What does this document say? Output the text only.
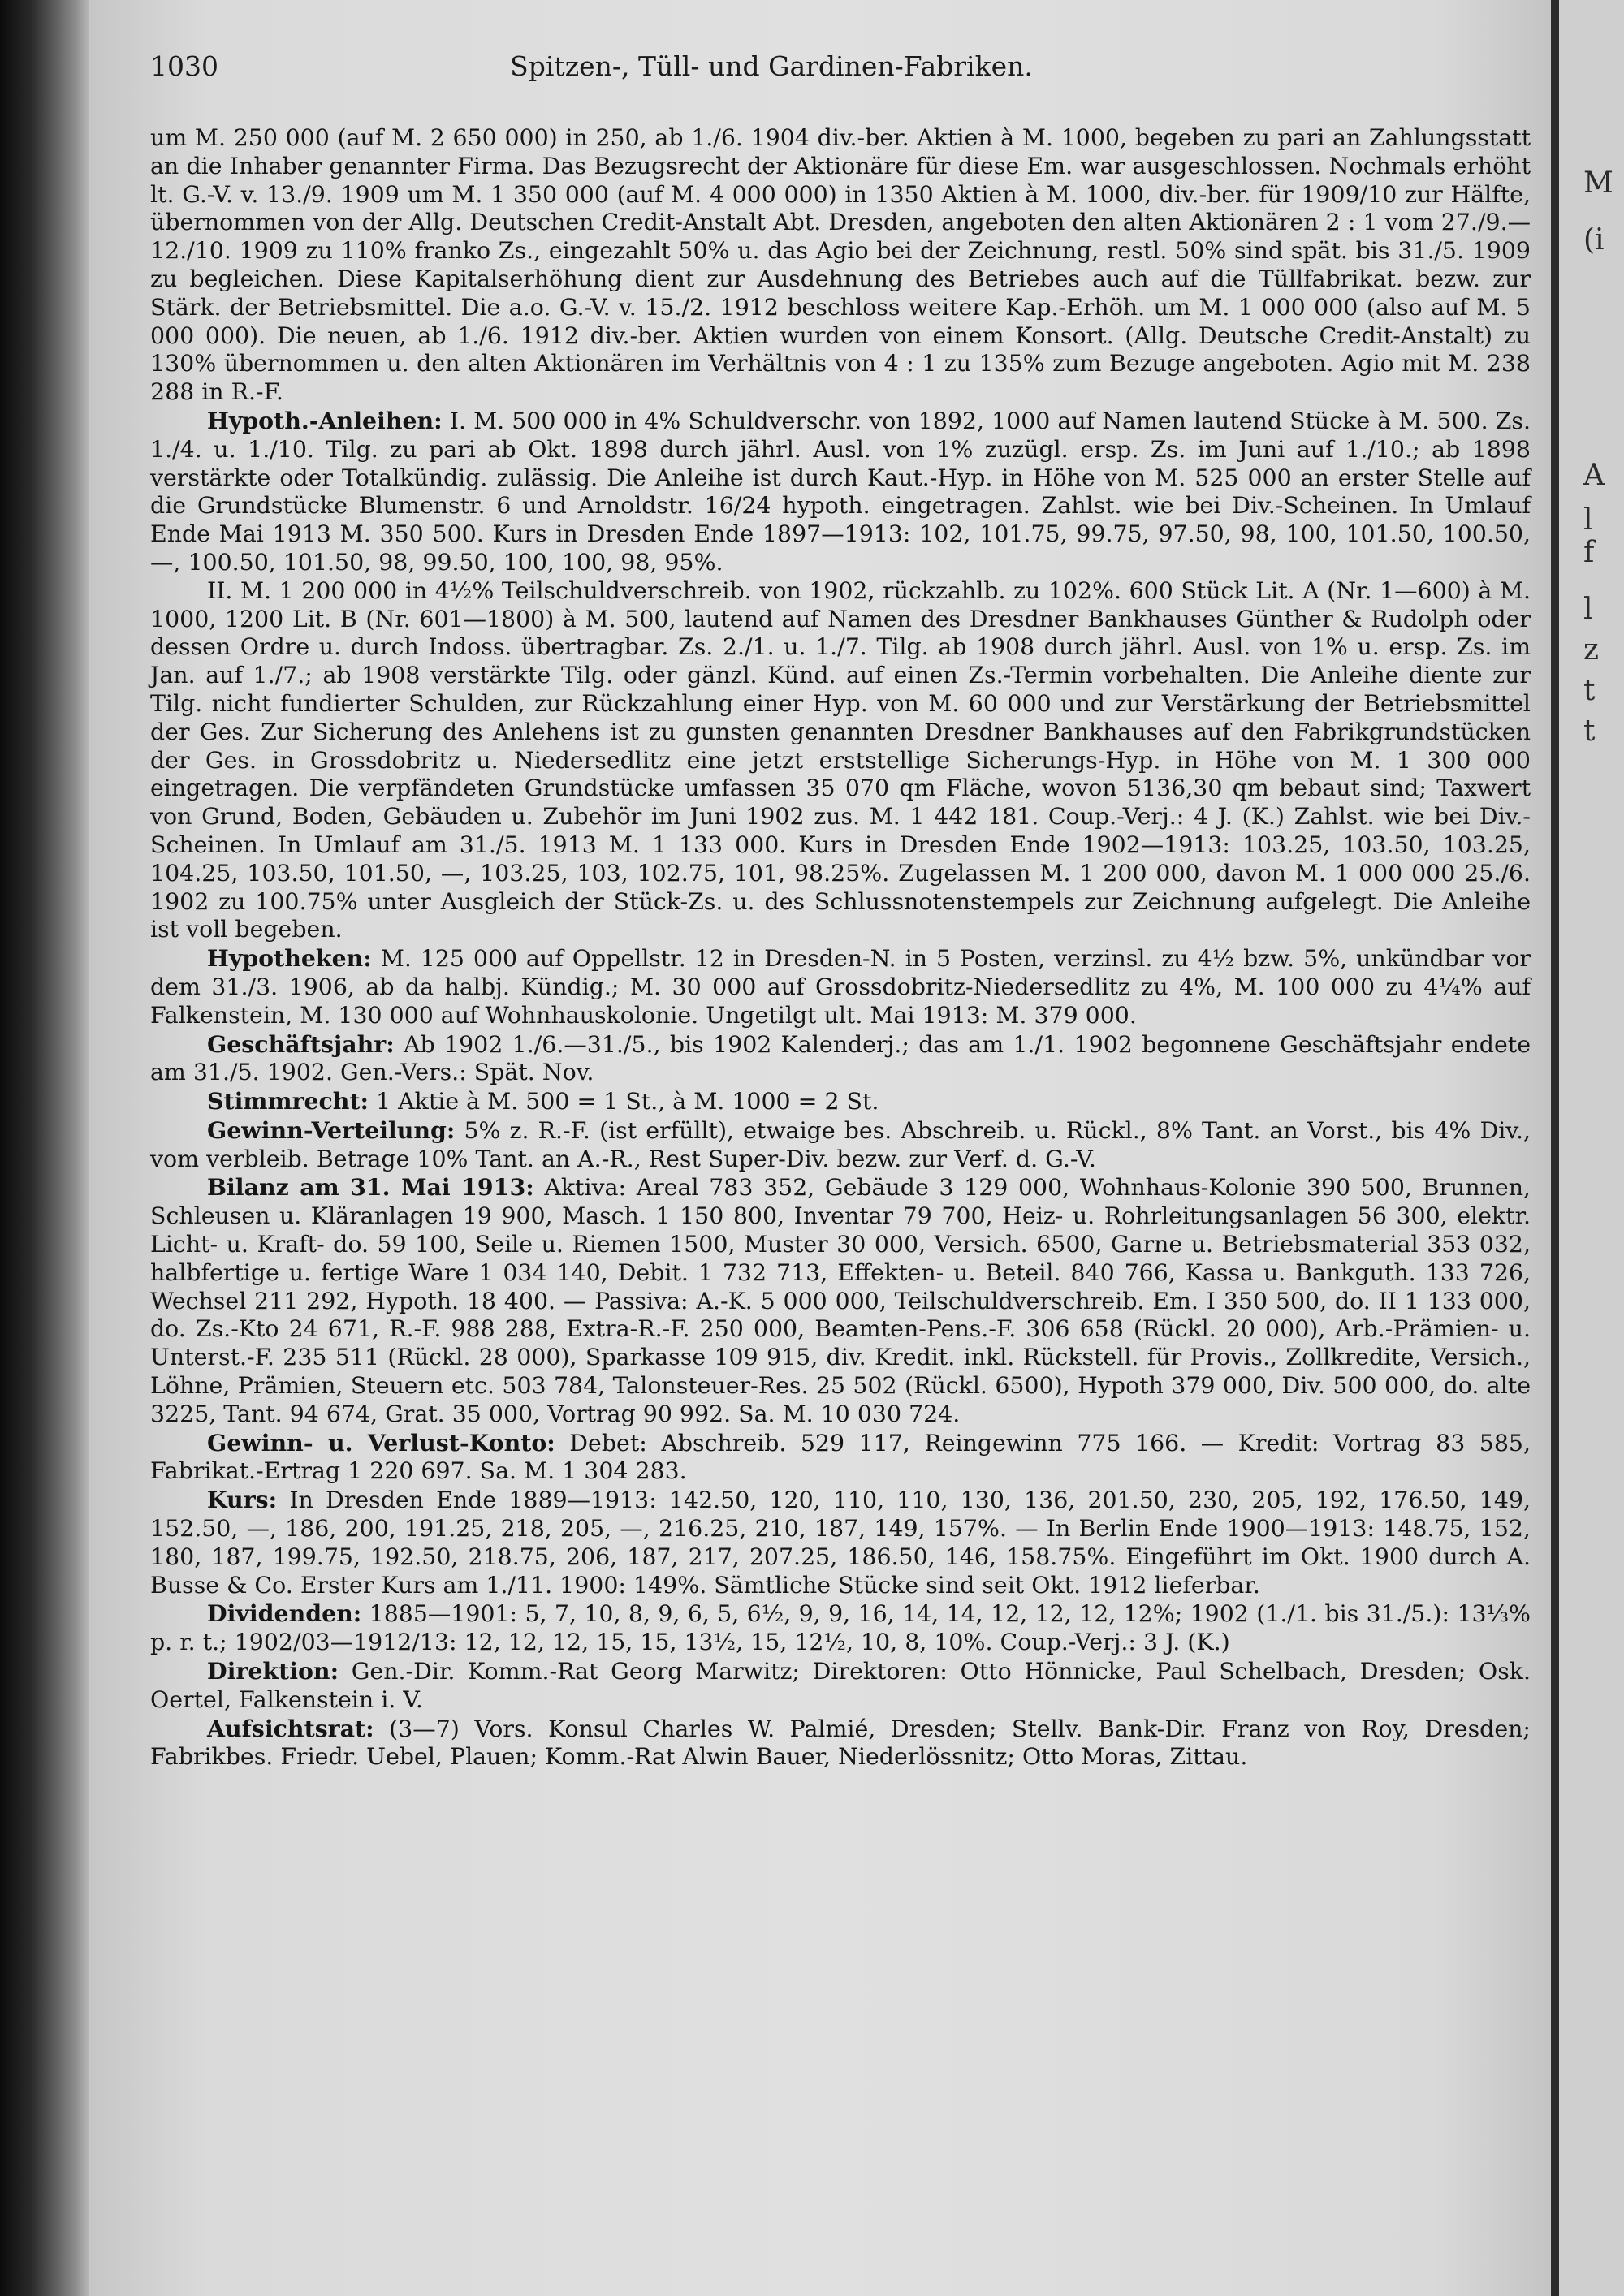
M
(i
A
l
f
l
z
t
t
1030	Spitzen-, Tüll- und Gardinen-Fabriken.

um M. 250 000 (auf M. 2 650 000) in 250, ab 1./6. 1904 div.-ber. Aktien à M. 1000, begeben zu pari an Zahlungsstatt an die Inhaber genannter Firma. Das Bezugsrecht der Aktionäre für diese Em. war ausgeschlossen. Nochmals erhöht lt. G.-V. v. 13./9. 1909 um M. 1 350 000 (auf M. 4 000 000) in 1350 Aktien à M. 1000, div.-ber. für 1909/10 zur Hälfte, übernommen von der Allg. Deutschen Credit-Anstalt Abt. Dresden, angeboten den alten Aktionären 2 : 1 vom 27./9.—12./10. 1909 zu 110% franko Zs., eingezahlt 50% u. das Agio bei der Zeichnung, restl. 50% sind spät. bis 31./5. 1909 zu begleichen. Diese Kapitalserhöhung dient zur Ausdehnung des Betriebes auch auf die Tüllfabrikat. bezw. zur Stärk. der Betriebsmittel. Die a.o. G.-V. v. 15./2. 1912 beschloss weitere Kap.-Erhöh. um M. 1 000 000 (also auf M. 5 000 000). Die neuen, ab 1./6. 1912 div.-ber. Aktien wurden von einem Konsort. (Allg. Deutsche Credit-Anstalt) zu 130% übernommen u. den alten Aktionären im Verhältnis von 4 : 1 zu 135% zum Bezuge angeboten. Agio mit M. 238 288 in R.-F.

Hypoth.-Anleihen: I. M. 500 000 in 4% Schuldverschr. von 1892, 1000 auf Namen lautend Stücke à M. 500. Zs. 1./4. u. 1./10. Tilg. zu pari ab Okt. 1898 durch jährl. Ausl. von 1% zuzügl. ersp. Zs. im Juni auf 1./10.; ab 1898 verstärkte oder Totalkündig. zulässig. Die Anleihe ist durch Kaut.-Hyp. in Höhe von M. 525 000 an erster Stelle auf die Grundstücke Blumenstr. 6 und Arnoldstr. 16/24 hypoth. eingetragen. Zahlst. wie bei Div.-Scheinen. In Umlauf Ende Mai 1913 M. 350 500. Kurs in Dresden Ende 1897—1913: 102, 101.75, 99.75, 97.50, 98, 100, 101.50, 100.50, —, 100.50, 101.50, 98, 99.50, 100, 100, 98, 95%.

II. M. 1 200 000 in 4½% Teilschuldverschreib. von 1902, rückzahlb. zu 102%. 600 Stück Lit. A (Nr. 1—600) à M. 1000, 1200 Lit. B (Nr. 601—1800) à M. 500, lautend auf Namen des Dresdner Bankhauses Günther & Rudolph oder dessen Ordre u. durch Indoss. übertragbar. Zs. 2./1. u. 1./7. Tilg. ab 1908 durch jährl. Ausl. von 1% u. ersp. Zs. im Jan. auf 1./7.; ab 1908 verstärkte Tilg. oder gänzl. Künd. auf einen Zs.-Termin vorbehalten. Die Anleihe diente zur Tilg. nicht fundierter Schulden, zur Rückzahlung einer Hyp. von M. 60 000 und zur Verstärkung der Betriebsmittel der Ges. Zur Sicherung des Anlehens ist zu gunsten genannten Dresdner Bankhauses auf den Fabrikgrundstücken der Ges. in Grossdobritz u. Niedersedlitz eine jetzt erststellige Sicherungs-Hyp. in Höhe von M. 1 300 000 eingetragen. Die verpfändeten Grundstücke umfassen 35 070 qm Fläche, wovon 5136,30 qm bebaut sind; Taxwert von Grund, Boden, Gebäuden u. Zubehör im Juni 1902 zus. M. 1 442 181. Coup.-Verj.: 4 J. (K.) Zahlst. wie bei Div.-Scheinen. In Umlauf am 31./5. 1913 M. 1 133 000. Kurs in Dresden Ende 1902—1913: 103.25, 103.50, 103.25, 104.25, 103.50, 101.50, —, 103.25, 103, 102.75, 101, 98.25%. Zugelassen M. 1 200 000, davon M. 1 000 000 25./6. 1902 zu 100.75% unter Ausgleich der Stück-Zs. u. des Schlussnotenstempels zur Zeichnung aufgelegt. Die Anleihe ist voll begeben.

Hypotheken: M. 125 000 auf Oppellstr. 12 in Dresden-N. in 5 Posten, verzinsl. zu 4½ bzw. 5%, unkündbar vor dem 31./3. 1906, ab da halbj. Kündig.; M. 30 000 auf Grossdobritz-Niedersedlitz zu 4%, M. 100 000 zu 4¼% auf Falkenstein, M. 130 000 auf Wohnhauskolonie. Ungetilgt ult. Mai 1913: M. 379 000.

Geschäftsjahr: Ab 1902 1./6.—31./5., bis 1902 Kalenderj.; das am 1./1. 1902 begonnene Geschäftsjahr endete am 31./5. 1902. Gen.-Vers.: Spät. Nov.

Stimmrecht: 1 Aktie à M. 500 = 1 St., à M. 1000 = 2 St.

Gewinn-Verteilung: 5% z. R.-F. (ist erfüllt), etwaige bes. Abschreib. u. Rückl., 8% Tant. an Vorst., bis 4% Div., vom verbleib. Betrage 10% Tant. an A.-R., Rest Super-Div. bezw. zur Verf. d. G.-V.

Bilanz am 31. Mai 1913: Aktiva: Areal 783 352, Gebäude 3 129 000, Wohnhaus-Kolonie 390 500, Brunnen, Schleusen u. Kläranlagen 19 900, Masch. 1 150 800, Inventar 79 700, Heiz- u. Rohrleitungsanlagen 56 300, elektr. Licht- u. Kraft- do. 59 100, Seile u. Riemen 1500, Muster 30 000, Versich. 6500, Garne u. Betriebsmaterial 353 032, halbfertige u. fertige Ware 1 034 140, Debit. 1 732 713, Effekten- u. Beteil. 840 766, Kassa u. Bankguth. 133 726, Wechsel 211 292, Hypoth. 18 400. — Passiva: A.-K. 5 000 000, Teilschuldverschreib. Em. I 350 500, do. II 1 133 000, do. Zs.-Kto 24 671, R.-F. 988 288, Extra-R.-F. 250 000, Beamten-Pens.-F. 306 658 (Rückl. 20 000), Arb.-Prämien- u. Unterst.-F. 235 511 (Rückl. 28 000), Sparkasse 109 915, div. Kredit. inkl. Rückstell. für Provis., Zollkredite, Versich., Löhne, Prämien, Steuern etc. 503 784, Talonsteuer-Res. 25 502 (Rückl. 6500), Hypoth 379 000, Div. 500 000, do. alte 3225, Tant. 94 674, Grat. 35 000, Vortrag 90 992. Sa. M. 10 030 724.

Gewinn- u. Verlust-Konto: Debet: Abschreib. 529 117, Reingewinn 775 166. — Kredit: Vortrag 83 585, Fabrikat.-Ertrag 1 220 697. Sa. M. 1 304 283.

Kurs: In Dresden Ende 1889—1913: 142.50, 120, 110, 110, 130, 136, 201.50, 230, 205, 192, 176.50, 149, 152.50, —, 186, 200, 191.25, 218, 205, —, 216.25, 210, 187, 149, 157%. — In Berlin Ende 1900—1913: 148.75, 152, 180, 187, 199.75, 192.50, 218.75, 206, 187, 217, 207.25, 186.50, 146, 158.75%. Eingeführt im Okt. 1900 durch A. Busse & Co. Erster Kurs am 1./11. 1900: 149%. Sämtliche Stücke sind seit Okt. 1912 lieferbar.

Dividenden: 1885—1901: 5, 7, 10, 8, 9, 6, 5, 6½, 9, 9, 16, 14, 14, 12, 12, 12, 12%; 1902 (1./1. bis 31./5.): 13⅓% p. r. t.; 1902/03—1912/13: 12, 12, 12, 15, 15, 13½, 15, 12½, 10, 8, 10%. Coup.-Verj.: 3 J. (K.)

Direktion: Gen.-Dir. Komm.-Rat Georg Marwitz; Direktoren: Otto Hönnicke, Paul Schelbach, Dresden; Osk. Oertel, Falkenstein i. V.

Aufsichtsrat: (3—7) Vors. Konsul Charles W. Palmié, Dresden; Stellv. Bank-Dir. Franz von Roy, Dresden; Fabrikbes. Friedr. Uebel, Plauen; Komm.-Rat Alwin Bauer, Niederlössnitz; Otto Moras, Zittau.
